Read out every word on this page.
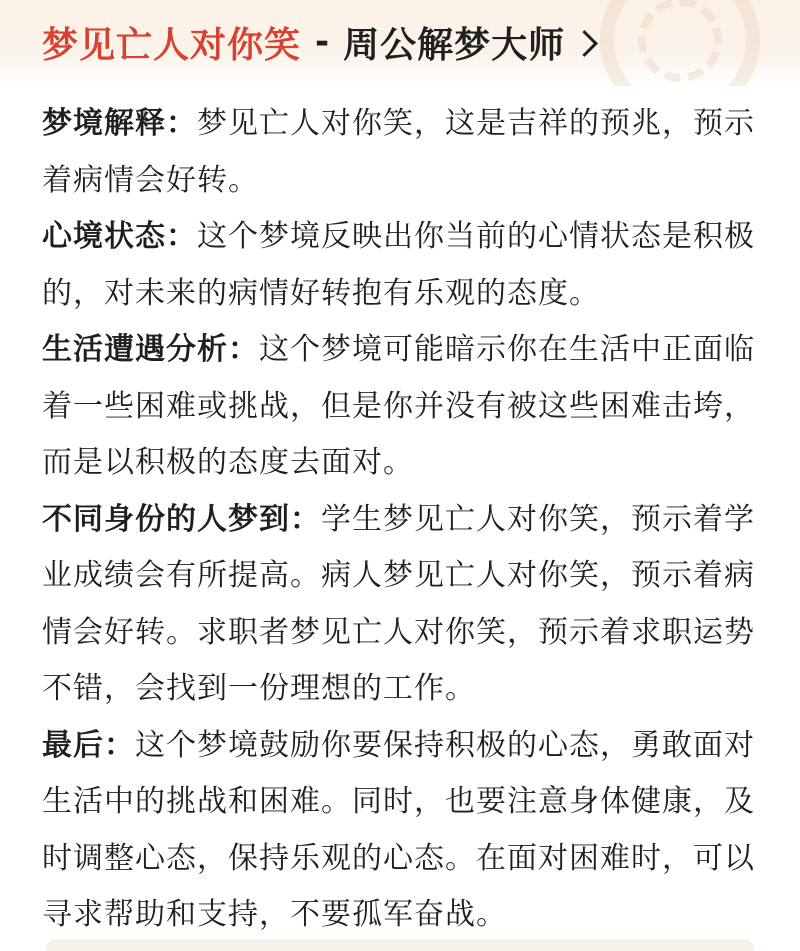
梦见亡人对你笑 - 周公解梦大师

梦境解释：梦见亡人对你笑，这是吉祥的预兆，预示着病情会好转。

心境状态：这个梦境反映出你当前的心情状态是积极的，对未来的病情好转抱有乐观的态度。

生活遭遇分析：这个梦境可能暗示你在生活中正面临着一些困难或挑战，但是你并没有被这些困难击垮，而是以积极的态度去面对。

不同身份的人梦到：学生梦见亡人对你笑，预示着学业成绩会有所提高。病人梦见亡人对你笑，预示着病情会好转。求职者梦见亡人对你笑，预示着求职运势不错，会找到一份理想的工作。

最后：这个梦境鼓励你要保持积极的心态，勇敢面对生活中的挑战和困难。同时，也要注意身体健康，及时调整心态，保持乐观的心态。在面对困难时，可以寻求帮助和支持，不要孤军奋战。
